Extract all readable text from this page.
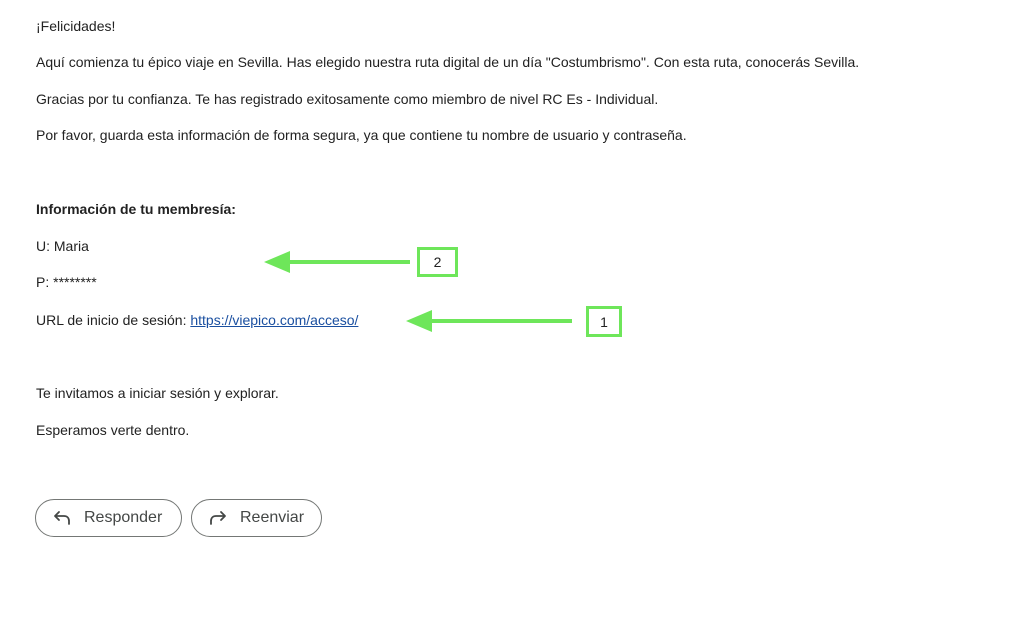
¡Felicidades!

Aquí comienza tu épico viaje en Sevilla. Has elegido nuestra ruta digital de un día "Costumbrismo". Con esta ruta, conocerás Sevilla.

Gracias por tu confianza. Te has registrado exitosamente como miembro de nivel RC Es - Individual.

Por favor, guarda esta información de forma segura, ya que contiene tu nombre de usuario y contraseña.

Información de tu membresía:

U: Maria

P: ********

URL de inicio de sesión: https://viepico.com/acceso/

Te invitamos a iniciar sesión y explorar.

Esperamos verte dentro.

Responder	Reenviar
2
1
